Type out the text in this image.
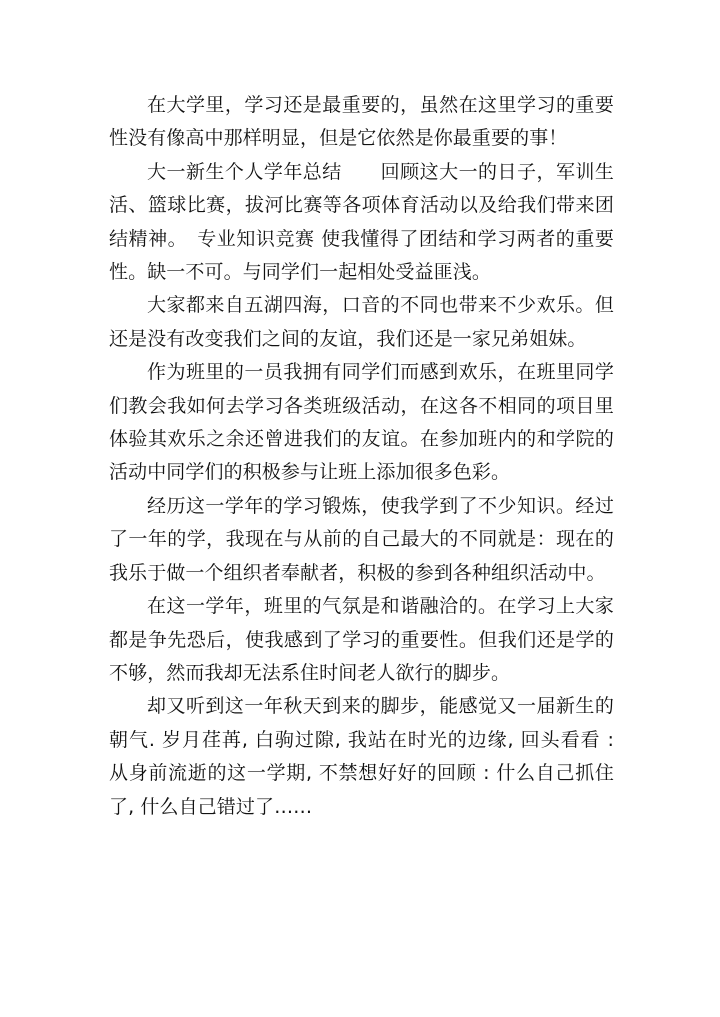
在大学里，学习还是最重要的，虽然在这里学习的重要性没有像高中那样明显，但是它依然是你最重要的事！

大一新生个人学年总结　　回顾这大一的日子，军训生活、篮球比赛，拔河比赛等各项体育活动以及给我们带来团结精神。　专业知识竞赛 使我懂得了团结和学习两者的重要性。缺一不可。与同学们一起相处受益匪浅。

大家都来自五湖四海，口音的不同也带来不少欢乐。但还是没有改变我们之间的友谊，我们还是一家兄弟姐妹。

作为班里的一员我拥有同学们而感到欢乐，在班里同学们教会我如何去学习各类班级活动，在这各不相同的项目里体验其欢乐之余还曾进我们的友谊。在参加班内的和学院的活动中同学们的积极参与让班上添加很多色彩。

经历这一学年的学习锻炼，使我学到了不少知识。经过了一年的学，我现在与从前的自己最大的不同就是：现在的我乐于做一个组织者奉献者，积极的参到各种组织活动中。

在这一学年，班里的气氛是和谐融洽的。在学习上大家都是争先恐后，使我感到了学习的重要性。但我们还是学的不够，然而我却无法系住时间老人欲行的脚步。

却又听到这一年秋天到来的脚步，能感觉又一届新生的朝气. 岁月荏苒, 白驹过隙, 我站在时光的边缘, 回头看看 : 从身前流逝的这一学期, 不禁想好好的回顾 : 什么自己抓住了, 什么自己错过了……
